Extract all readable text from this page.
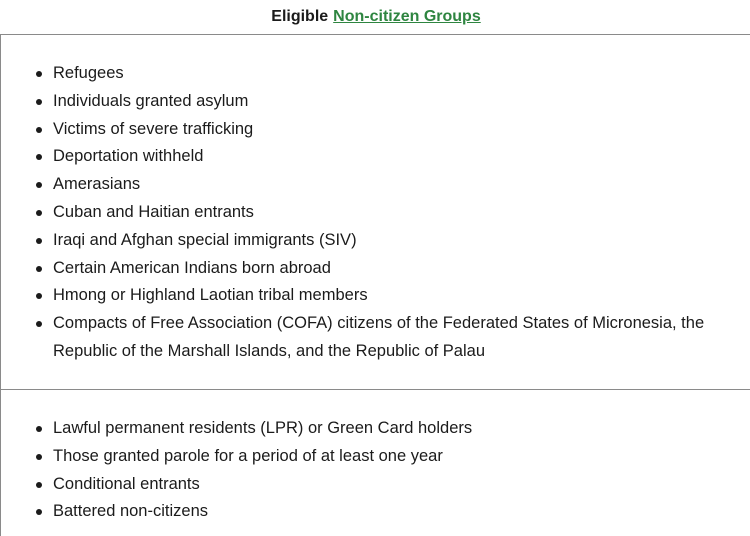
Eligible Non-citizen Groups
Refugees
Individuals granted asylum
Victims of severe trafficking
Deportation withheld
Amerasians
Cuban and Haitian entrants
Iraqi and Afghan special immigrants (SIV)
Certain American Indians born abroad
Hmong or Highland Laotian tribal members
Compacts of Free Association (COFA) citizens of the Federated States of Micronesia, the Republic of the Marshall Islands, and the Republic of Palau
Lawful permanent residents (LPR) or Green Card holders
Those granted parole for a period of at least one year
Conditional entrants
Battered non-citizens
